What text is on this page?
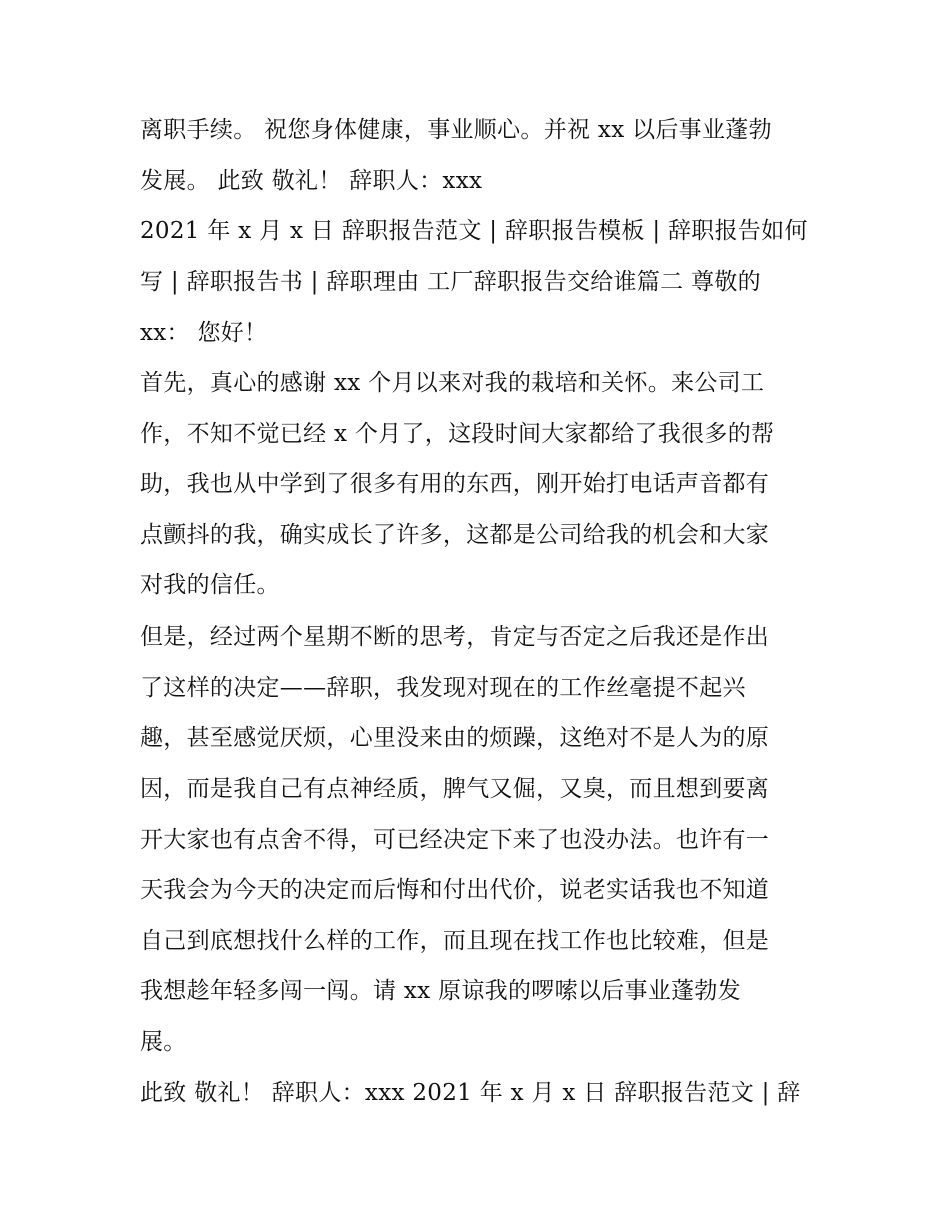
离职手续。 祝您身体健康，事业顺心。并祝 xx 以后事业蓬勃
发展。 此致 敬礼！ 辞职人：xxx
2021 年 x 月 x 日 辞职报告范文 | 辞职报告模板 | 辞职报告如何
写 | 辞职报告书 | 辞职理由 工厂辞职报告交给谁篇二 尊敬的
xx： 您好！
首先，真心的感谢 xx 个月以来对我的栽培和关怀。来公司工
作，不知不觉已经 x 个月了，这段时间大家都给了我很多的帮
助，我也从中学到了很多有用的东西，刚开始打电话声音都有
点颤抖的我，确实成长了许多，这都是公司给我的机会和大家
对我的信任。
但是，经过两个星期不断的思考，肯定与否定之后我还是作出
了这样的决定——辞职，我发现对现在的工作丝毫提不起兴
趣，甚至感觉厌烦，心里没来由的烦躁，这绝对不是人为的原
因，而是我自己有点神经质，脾气又倔，又臭，而且想到要离
开大家也有点舍不得，可已经决定下来了也没办法。也许有一
天我会为今天的决定而后悔和付出代价，说老实话我也不知道
自己到底想找什么样的工作，而且现在找工作也比较难，但是
我想趁年轻多闯一闯。请 xx 原谅我的啰嗦以后事业蓬勃发
展。
此致 敬礼！ 辞职人：xxx 2021 年 x 月 x 日 辞职报告范文 | 辞
